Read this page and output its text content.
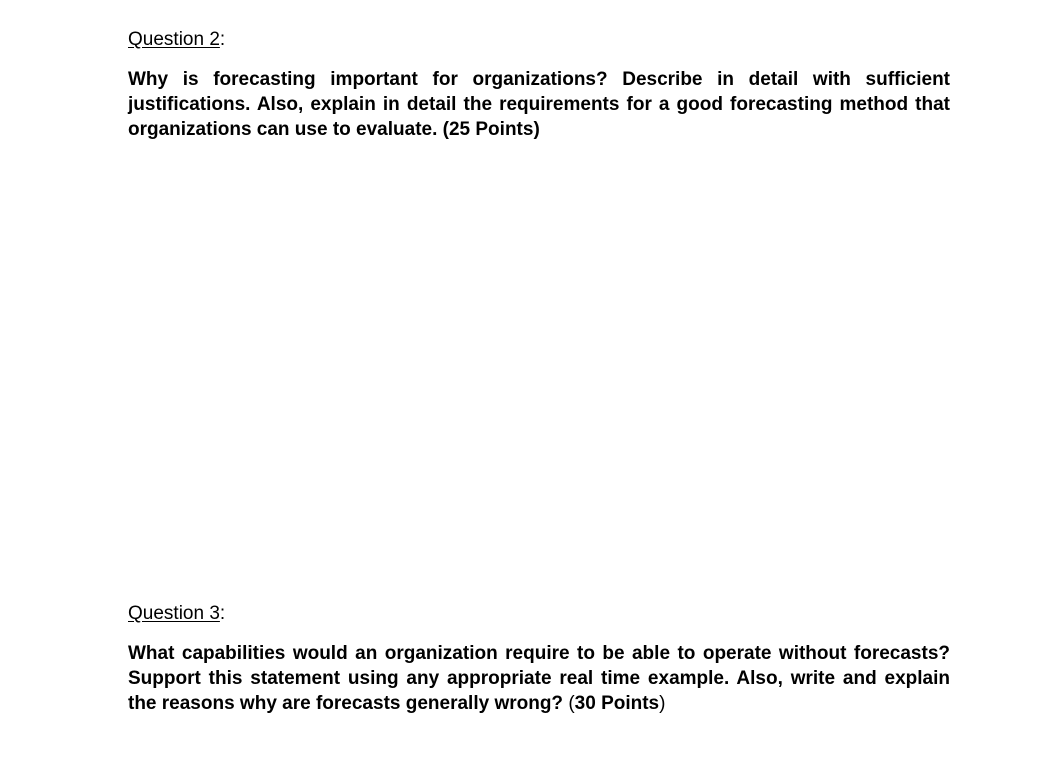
Question 2:

Why is forecasting important for organizations? Describe in detail with sufficient justifications. Also, explain in detail the requirements for a good forecasting method that organizations can use to evaluate. (25 Points)

Question 3:

What capabilities would an organization require to be able to operate without forecasts? Support this statement using any appropriate real time example. Also, write and explain the reasons why are forecasts generally wrong? (30 Points)
